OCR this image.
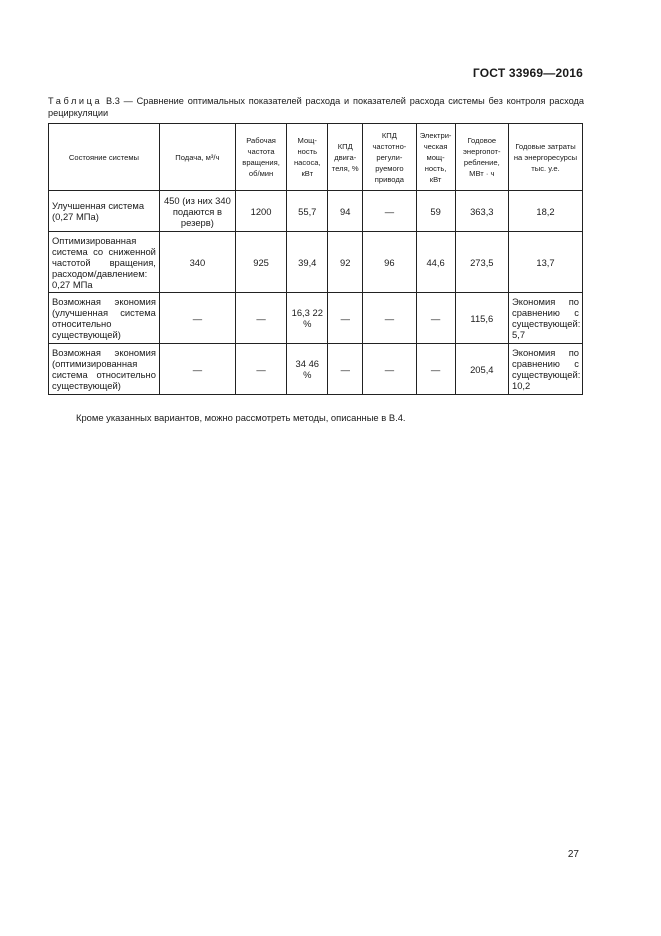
ГОСТ 33969—2016
Таблица В.3 — Сравнение оптимальных показателей расхода и показателей расхода системы без контроля расхода рециркуляции
Состояние системы	Подача, м³/ч	Рабочая частота вращения, об/мин	Мощ-ность насоса, кВт	КПД двига-теля, %	КПД частотно-регули-руемого привода	Электри-ческая мощ-ность, кВт	Годовое энергопот-ребление, МВт · ч	Годовые затраты на энергоресурсы тыс. у.е.
Улучшенная система (0,27 МПа)	450 (из них 340 подаются в резерв)	1200	55,7	94	—	59	363,3	18,2
Оптимизированная система со сниженной частотой вращения, расходом/давлением: 0,27 МПа	340	925	39,4	92	96	44,6	273,5	13,7
Возможная экономия (улучшенная система относительно существующей)	—	—	16,3 22 %	—	—	—	115,6	Экономия по сравнению с существующей: 5,7
Возможная экономия (оптимизированная система относительно существующей)	—	—	34 46 %	—	—	—	205,4	Экономия по сравнению с существующей: 10,2
Кроме указанных вариантов, можно рассмотреть методы, описанные в В.4.
27
